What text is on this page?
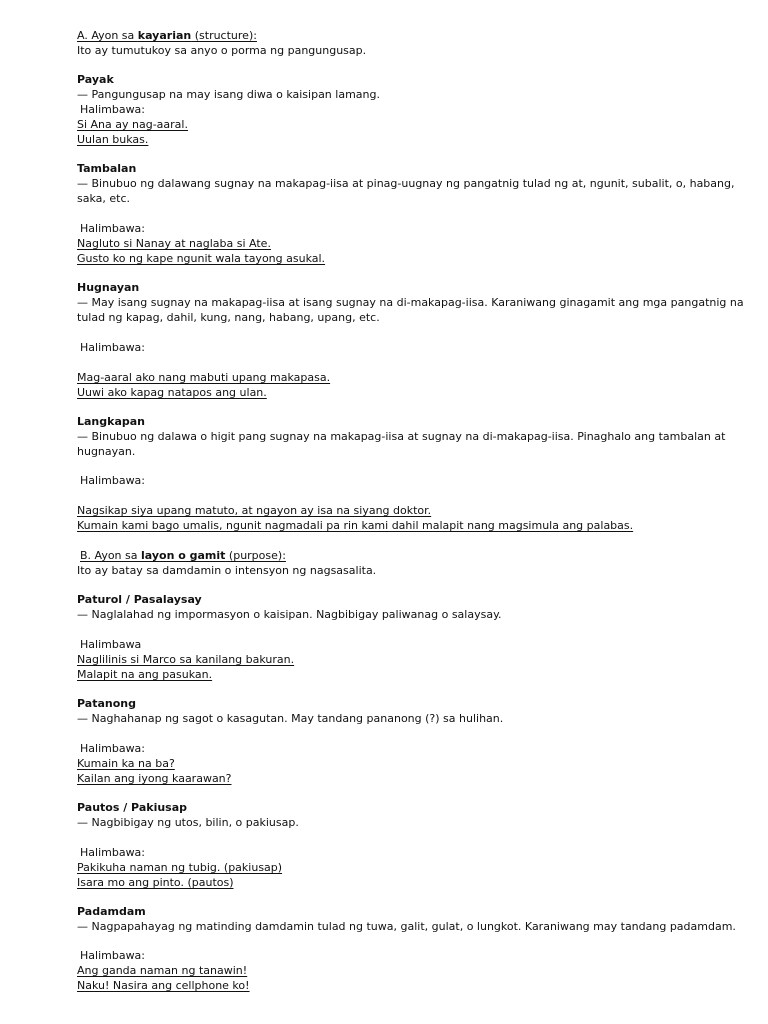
A. Ayon sa kayarian (structure):
Ito ay tumutukoy sa anyo o porma ng pangungusap.
Payak
— Pangungusap na may isang diwa o kaisipan lamang.
Halimbawa:
Si Ana ay nag-aaral.
Uulan bukas.
Tambalan
— Binubuo ng dalawang sugnay na makapag-iisa at pinag-uugnay ng pangatnig tulad ng at, ngunit, subalit, o, habang, saka, etc.
Halimbawa:
Nagluto si Nanay at naglaba si Ate.
Gusto ko ng kape ngunit wala tayong asukal.
Hugnayan
— May isang sugnay na makapag-iisa at isang sugnay na di-makapag-iisa. Karaniwang ginagamit ang mga pangatnig na tulad ng kapag, dahil, kung, nang, habang, upang, etc.
Halimbawa:
Mag-aaral ako nang mabuti upang makapasa.
Uuwi ako kapag natapos ang ulan.
Langkapan
— Binubuo ng dalawa o higit pang sugnay na makapag-iisa at sugnay na di-makapag-iisa. Pinaghalo ang tambalan at hugnayan.
Halimbawa:
Nagsikap siya upang matuto, at ngayon ay isa na siyang doktor.
Kumain kami bago umalis, ngunit nagmadali pa rin kami dahil malapit nang magsimula ang palabas.
B. Ayon sa layon o gamit (purpose):
Ito ay batay sa damdamin o intensyon ng nagsasalita.
Paturol / Pasalaysay
— Naglalahad ng impormasyon o kaisipan. Nagbibigay paliwanag o salaysay.
Halimbawa
Naglilinis si Marco sa kanilang bakuran.
Malapit na ang pasukan.
Patanong
— Naghahanap ng sagot o kasagutan. May tandang pananong (?) sa hulihan.
Halimbawa:
Kumain ka na ba?
Kailan ang iyong kaarawan?
Pautos / Pakiusap
— Nagbibigay ng utos, bilin, o pakiusap.
Halimbawa:
Pakikuha naman ng tubig. (pakiusap)
Isara mo ang pinto. (pautos)
Padamdam
— Nagpapahayag ng matinding damdamin tulad ng tuwa, galit, gulat, o lungkot. Karaniwang may tandang padamdam.
Halimbawa:
Ang ganda naman ng tanawin!
Naku! Nasira ang cellphone ko!
